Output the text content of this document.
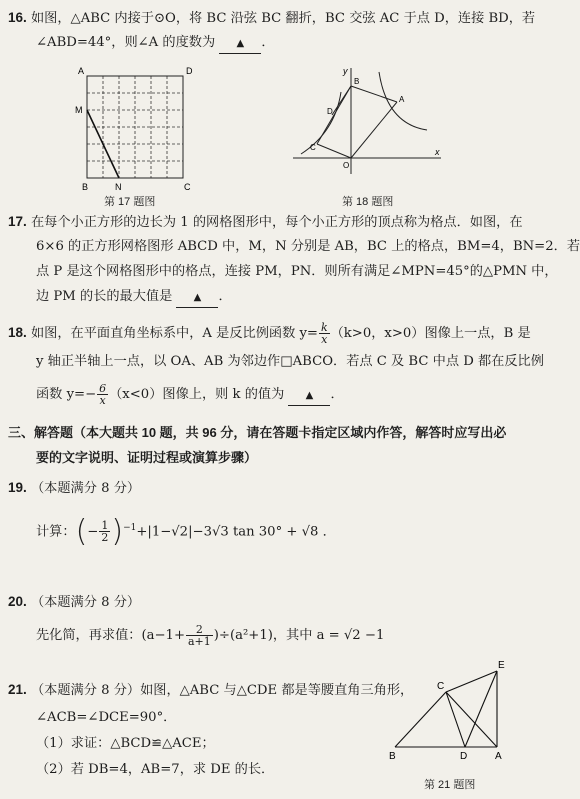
16. 如图，△ABC 内接于⊙O，将 BC 沿弦 BC 翻折，BC 交弦 AC 于点 D，连接 BD，若
∠ABD=44°，则∠A 的度数为 ▲ ．
A	D
M
B	N	C
第 17 题图
x
y
B
A
C
D
O
第 18 题图
17. 在每个小正方形的边长为 1 的网格图形中，每个小正方形的顶点称为格点．如图，在
6×6 的正方形网格图形 ABCD 中，M，N 分别是 AB，BC 上的格点，BM=4，BN=2．若
点 P 是这个网格图形中的格点，连接 PM，PN．则所有满足∠MPN=45°的△PMN 中，
边 PM 的长的最大值是 ▲ ．
18. 如图，在平面直角坐标系中，A 是反比例函数 $y= \frac{k}{x} (k>0$，x>0）图像上一点，B 是
y 轴正半轴上一点，以 OA、AB 为邻边作□ABCO．若点 C 及 BC 中点 D 都在反比例
函数 $y=- \frac{6}{x} (x<0)$图像上，则 k 的值为 ▲ ．
三、解答题（本大题共 10 题，共 96 分，请在答题卡指定区域内作答，解答时应写出必
要的文字说明、证明过程或演算步骤）
19. （本题满分 8 分）
计算：(− $\frac{1}{2} )^{-1}+|1-√2|-3√3$ tan 30° + √8 ．
20. （本题满分 8 分）
先化简，再求值：$(a-1+ \frac{2}{a+1} )\div(a^2+1)$，其中 a = √2 −1
21. （本题满分 8 分）如图，△ABC 与△CDE 都是等腰直角三角形，
∠ACB=∠DCE=90°．
（1）求证：△BCD≌△ACE；
（2）若 DB=4，AB=7，求 DE 的长．
E
C
B	D	A
第 21 题图
